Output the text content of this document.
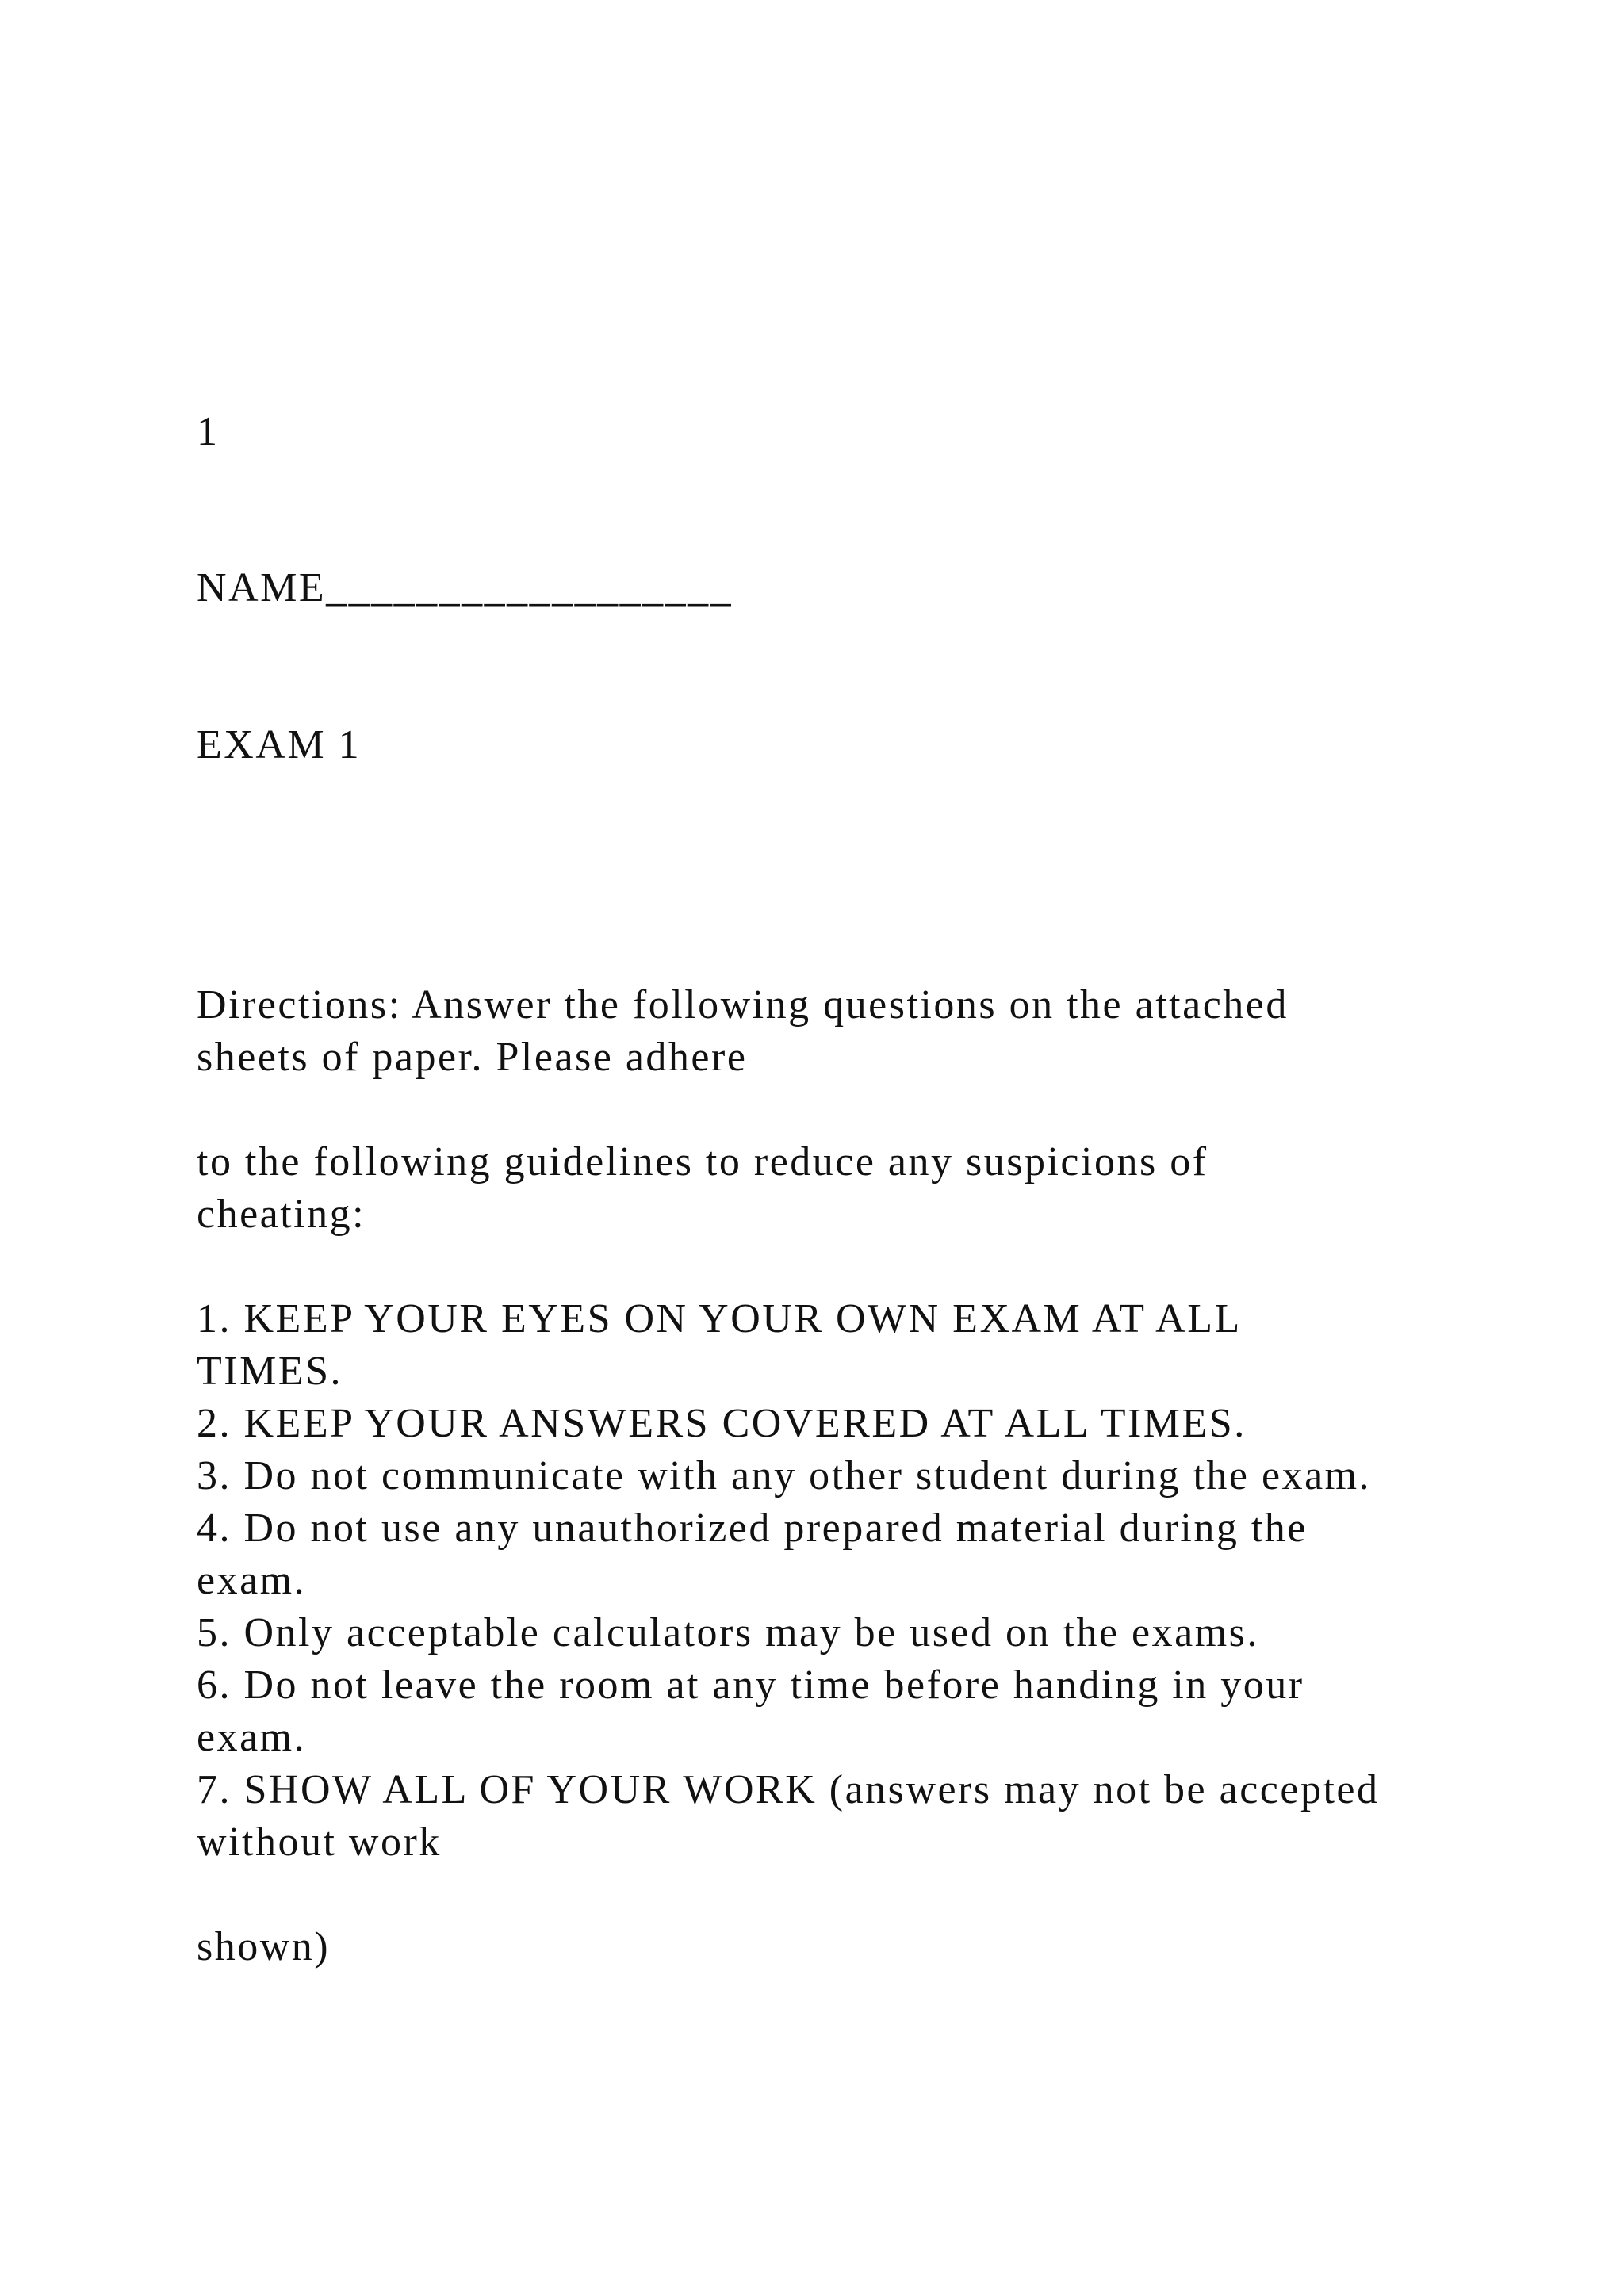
1

NAME__________________

EXAM 1

Directions: Answer the following questions on the attached

sheets of paper. Please adhere

to the following guidelines to reduce any suspicions of

cheating:

1. KEEP YOUR EYES ON YOUR OWN EXAM AT ALL

TIMES.

2. KEEP YOUR ANSWERS COVERED AT ALL TIMES.

3. Do not communicate with any other student during the exam.

4. Do not use any unauthorized prepared material during the

exam.

5. Only acceptable calculators may be used on the exams.

6. Do not leave the room at any time before handing in your

exam.

7. SHOW ALL OF YOUR WORK (answers may not be accepted

without work

shown)
